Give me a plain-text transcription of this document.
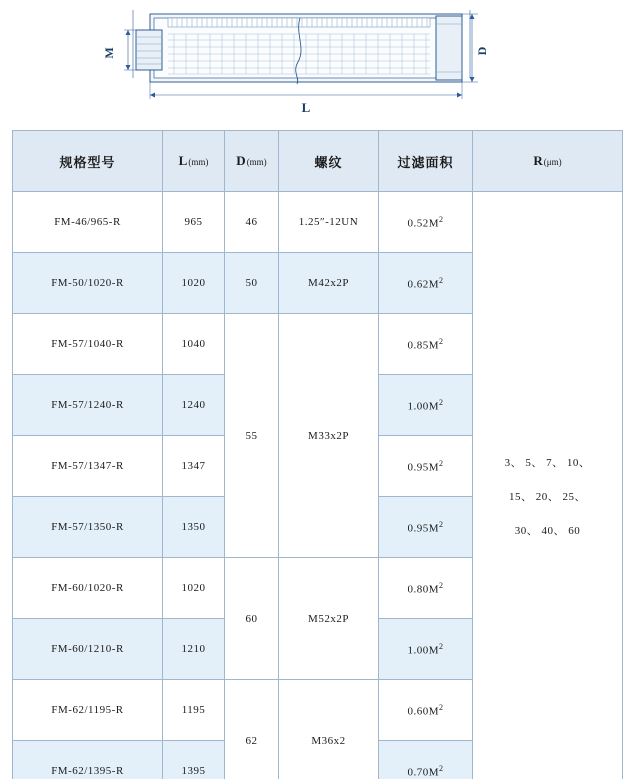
M	D
L
规格型号	L(mm)	D(mm)	螺纹	过滤面积	R(μm)
FM-46/965-R	965	46	1.25″-12UN	$0.52M^2$	3、 5、 7、 10、
15、 20、 25、
30、 40、 60

FM-50/1020-R	1020	50	M42x2P	$0.62M^2$
FM-57/1040-R	1040	55	M33x2P	$0.85M^2$
FM-57/1240-R	1240			$1.00M^2$
FM-57/1347-R	1347			$0.95M^2$
FM-57/1350-R	1350			$0.95M^2$
FM-60/1020-R	1020	60	M52x2P	$0.80M^2$
FM-60/1210-R	1210			$1.00M^2$
FM-62/1195-R	1195	62	M36x2	$0.60M^2$
FM-62/1395-R	1395			$0.70M^2$
